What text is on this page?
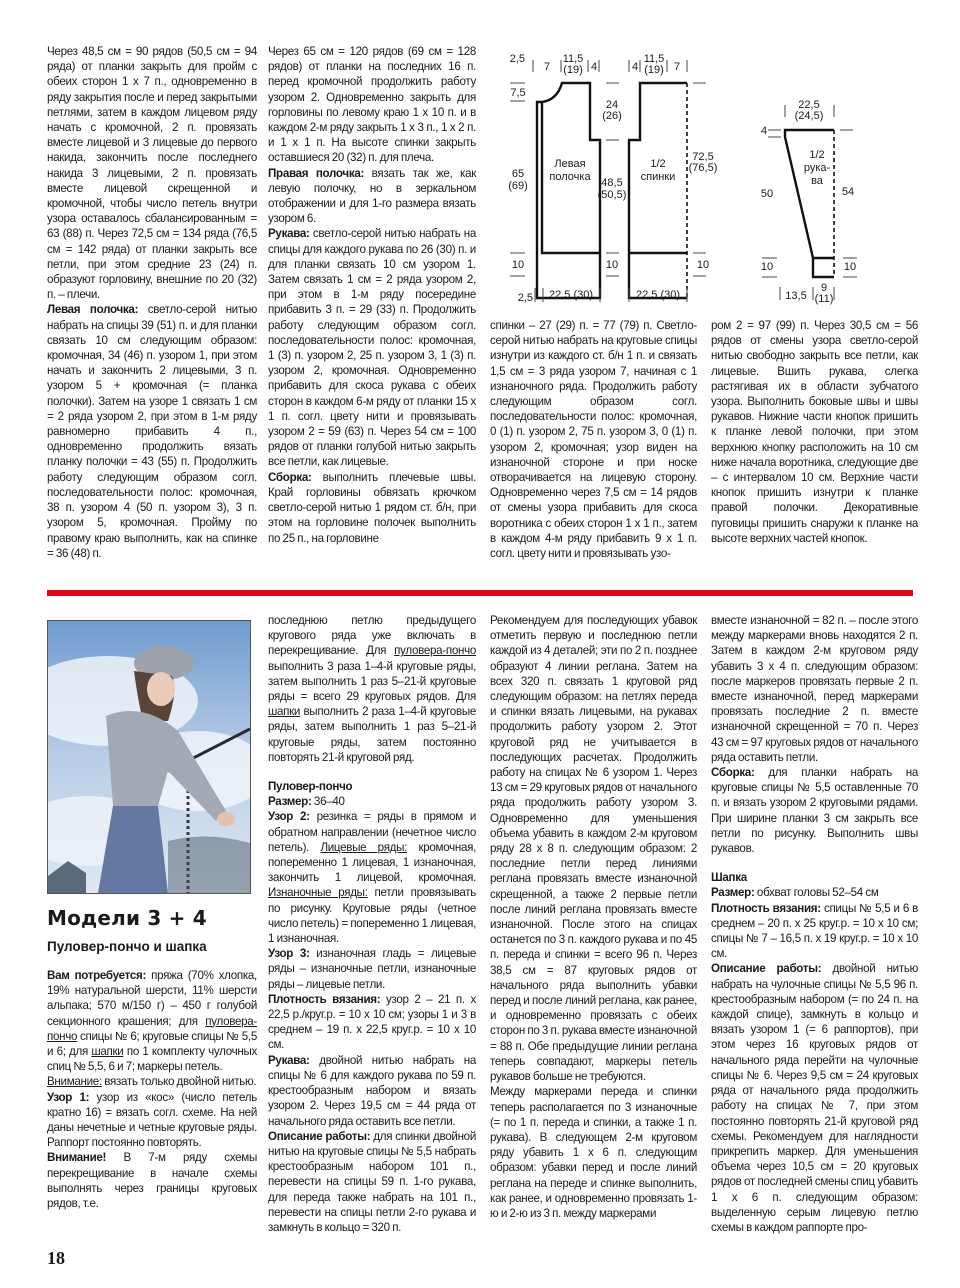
Через 48,5 см = 90 рядов (50,5 см = 94 ряда) от планки закрыть для пройм с обеих сторон 1 х 7 п., одновременно в ряду закрытия после и перед закрытыми петлями, затем в каждом лицевом ряду начать с кромочной, 2 п. провязать вместе лицевой и 3 лицевые до первого накида, закончить после последнего накида 3 лицевыми, 2 п. провязать вместе лицевой скрещенной и кромочной, чтобы число петель внутри узора оставалось сбалансированным = 63 (88) п. Через 72,5 см = 134 ряда (76,5 см = 142 ряда) от планки закрыть все петли, при этом средние 23 (24) п. образуют горловину, внешние по 20 (32) п. – плечи.

Левая полочка: светло-серой нитью набрать на спицы 39 (51) п. и для планки связать 10 см следующим образом: кромочная, 34 (46) п. узором 1, при этом начать и закончить 2 лицевыми, 3 п. узором 5 + кромочная (= планка полочки). Затем на узоре 1 связать 1 см = 2 ряда узором 2, при этом в 1-м ряду равномерно прибавить 4 п., одновременно продолжить вязать планку полочки = 43 (55) п. Продолжить работу следующим образом согл. последовательности полос: кромочная, 38 п. узором 4 (50 п. узором 3), 3 п. узором 5, кромочная. Пройму по правому краю выполнить, как на спинке = 36 (48) п.

Через 65 см = 120 рядов (69 см = 128 рядов) от планки на последних 16 п. перед кромочной продолжить работу узором 2. Одновременно закрыть для горловины по левому краю 1 х 10 п. и в каждом 2-м ряду закрыть 1 х 3 п., 1 х 2 п. и 1 х 1 п. На высоте спинки закрыть оставшиеся 20 (32) п. для плеча.

Правая полочка: вязать так же, как левую полочку, но в зеркальном отображении и для 1-го размера вязать узором 6.

Рукава: светло-серой нитью набрать на спицы для каждого рукава по 26 (30) п. и для планки связать 10 см узором 1. Затем связать 1 см = 2 ряда узором 2, при этом в 1-м ряду посередине прибавить 3 п. = 29 (33) п. Продолжить работу следующим образом согл. последовательности полос: кромочная, 1 (3) п. узором 2, 25 п. узором 3, 1 (3) п. узором 2, кромочная. Одновременно прибавить для скоса рукава с обеих сторон в каждом 6-м ряду от планки 15 х 1 п. согл. цвету нити и провязывать узором 2 = 59 (63) п. Через 54 см = 100 рядов от планки голубой нитью закрыть все петли, как лицевые.

Сборка: выполнить плечевые швы. Край горловины обвязать крючком светло-серой нитью 1 рядом ст. б/н, при этом на горловине полочек выполнить по 25 п., на горловине

Левая
полочка
2,5
7
11,5
(19) 4
7,5
65
(69)
10
2,5 22,5 (30)
24
(26)
48,5
(50,5)
10
1/2
спинки
4
11,5
(19) 7
72,5
(76,5)
10
22,5 (30)
1/2
рука-
ва
22,5
(24,5)
4
50
10
54
10
13,5
9
(11)

спинки – 27 (29) п. = 77 (79) п. Светло-серой нитью набрать на круговые спицы изнутри из каждого ст. б/н 1 п. и связать 1,5 см = 3 ряда узором 7, начиная с 1 изнаночного ряда. Продолжить работу следующим образом согл. последовательности полос: кромочная, 0 (1) п. узором 2, 75 п. узором 3, 0 (1) п. узором 2, кромочная; узор виден на изнаночной стороне и при носке отворачивается на лицевую сторону. Одновременно через 7,5 см = 14 рядов от смены узора прибавить для скоса воротника с обеих сторон 1 х 1 п., затем в каждом 4-м ряду прибавить 9 х 1 п. согл. цвету нити и провязывать узо-

ром 2 = 97 (99) п. Через 30,5 см = 56 рядов от смены узора светло-серой нитью свободно закрыть все петли, как лицевые. Вшить рукава, слегка растягивая их в области зубчатого узора. Выполнить боковые швы и швы рукавов. Нижние части кнопок пришить к планке левой полочки, при этом верхнюю кнопку расположить на 10 см ниже начала воротника, следующие две – с интервалом 10 см. Верхние части кнопок пришить изнутри к планке правой полочки. Декоративные пуговицы пришить снаружи к планке на высоте верхних частей кнопок.

Модели 3 + 4
Пуловер-пончо и шапка

Вам потребуется: пряжа (70% хлопка, 19% натуральной шерсти, 11% шерсти альпака; 570 м/150 г) – 450 г голубой секционного крашения; для пуловера-пончо спицы № 6; круговые спицы № 5,5 и 6; для шапки по 1 комплекту чулочных спиц № 5,5, 6 и 7; маркеры петель.

Внимание: вязать только двойной нитью.

Узор 1: узор из «кос» (число петель кратно 16) = вязать согл. схеме. На ней даны нечетные и четные круговые ряды. Раппорт постоянно повторять.
Внимание! В 7-м ряду схемы перекрещивание в начале схемы выполнять через границы круговых рядов, т.е.

последнюю петлю предыдущего кругового ряда уже включать в перекрещивание. Для пуловера-пончо выполнить 3 раза 1–4-й круговые ряды, затем выполнить 1 раз 5–21-й круговые ряды = всего 29 круговых рядов. Для шапки выполнить 2 раза 1–4-й круговые ряды, затем выполнить 1 раз 5–21-й круговые ряды, затем постоянно повторять 21-й круговой ряд.

Пуловер-пончо

Размер: 36–40

Узор 2: резинка = ряды в прямом и обратном направлении (нечетное число петель). Лицевые ряды: кромочная, попеременно 1 лицевая, 1 изнаночная, закончить 1 лицевой, кромочная. Изнаночные ряды: петли провязывать по рисунку. Круговые ряды (четное число петель) = попеременно 1 лицевая, 1 изнаночная.

Узор 3: изнаночная гладь = лицевые ряды – изнаночные петли, изнаночные ряды – лицевые петли.

Плотность вязания: узор 2 – 21 п. х 22,5 р./круг.р. = 10 х 10 см; узоры 1 и 3 в среднем – 19 п. х 22,5 круг.р. = 10 х 10 см.

Рукава: двойной нитью набрать на спицы № 6 для каждого рукава по 59 п. крестообразным набором и вязать узором 2. Через 19,5 см = 44 ряда от начального ряда оставить все петли.

Описание работы: для спинки двойной нитью на круговые спицы № 5,5 набрать крестообразным набором 101 п., перевести на спицы 59 п. 1-го рукава, для переда также набрать на 101 п., перевести на спицы петли 2-го рукава и замкнуть в кольцо = 320 п.

Рекомендуем для последующих убавок отметить первую и последнюю петли каждой из 4 деталей; эти по 2 п. позднее образуют 4 линии реглана. Затем на всех 320 п. связать 1 круговой ряд следующим образом: на петлях переда и спинки вязать лицевыми, на рукавах продолжить работу узором 2. Этот круговой ряд не учитывается в последующих расчетах. Продолжить работу на спицах № 6 узором 1. Через 13 см = 29 круговых рядов от начального ряда продолжить работу узором 3. Одновременно для уменьшения объема убавить в каждом 2-м круговом ряду 28 х 8 п. следующим образом: 2 последние петли перед линиями реглана провязать вместе изнаночной скрещенной, а также 2 первые петли после линий реглана провязать вместе изнаночной. После этого на спицах останется по 3 п. каждого рукава и по 45 п. переда и спинки = всего 96 п. Через 38,5 см = 87 круговых рядов от начального ряда выполнить убавки перед и после линий реглана, как ранее, и одновременно провязать с обеих сторон по 3 п. рукава вместе изнаночной = 88 п. Обе предыдущие линии реглана теперь совпадают, маркеры петель рукавов больше не требуются.

Между маркерами переда и спинки теперь располагается по 3 изнаночные (= по 1 п. переда и спинки, а также 1 п. рукава). В следующем 2-м круговом ряду убавить 1 х 6 п. следующим образом: убавки перед и после линий реглана на переде и спинке выполнить, как ранее, и одновременно провязать 1-ю и 2-ю из 3 п. между маркерами

вместе изнаночной = 82 п. – после этого между маркерами вновь находятся 2 п. Затем в каждом 2-м круговом ряду убавить 3 х 4 п. следующим образом: после маркеров провязать первые 2 п. вместе изнаночной, перед маркерами провязать последние 2 п. вместе изнаночной скрещенной = 70 п. Через 43 см = 97 круговых рядов от начального ряда оставить петли.

Сборка: для планки набрать на круговые спицы № 5,5 оставленные 70 п. и вязать узором 2 круговыми рядами. При ширине планки 3 см закрыть все петли по рисунку. Выполнить швы рукавов.

Шапка

Размер: обхват головы 52–54 см

Плотность вязания: спицы № 5,5 и 6 в среднем – 20 п. х 25 круг.р. = 10 х 10 см; спицы № 7 – 16,5 п. х 19 круг.р. = 10 х 10 см.

Описание работы: двойной нитью набрать на чулочные спицы № 5,5 96 п. крестообразным набором (= по 24 п. на каждой спице), замкнуть в кольцо и вязать узором 1 (= 6 раппортов), при этом через 16 круговых рядов от начального ряда перейти на чулочные спицы № 6. Через 9,5 см = 24 круговых ряда от начального ряда продолжить работу на спицах № 7, при этом постоянно повторять 21-й круговой ряд схемы. Рекомендуем для наглядности прикрепить маркер. Для уменьшения объема через 10,5 см = 20 круговых рядов от последней смены спиц убавить 1 х 6 п. следующим образом: выделенную серым лицевую петлю схемы в каждом раппорте про-

18
